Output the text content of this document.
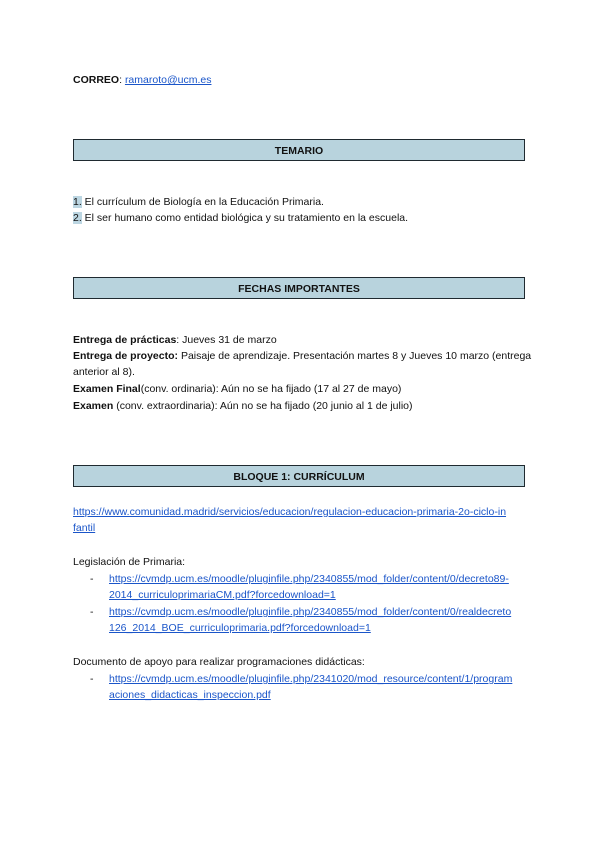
CORREO: ramaroto@ucm.es
TEMARIO
1. El currículum de Biología en la Educación Primaria.
2. El ser humano como entidad biológica y su tratamiento en la escuela.
FECHAS IMPORTANTES
Entrega de prácticas: Jueves 31 de marzo
Entrega de proyecto: Paisaje de aprendizaje. Presentación martes 8 y Jueves 10 marzo (entrega
anterior al 8).
Examen Final(conv. ordinaria): Aún no se ha fijado (17 al 27 de mayo)
Examen (conv. extraordinaria): Aún no se ha fijado (20 junio al 1 de julio)
BLOQUE 1: CURRÍCULUM
https://www.comunidad.madrid/servicios/educacion/regulacion-educacion-primaria-2o-ciclo-in
fantil
Legislación de Primaria:
- https://cvmdp.ucm.es/moodle/pluginfile.php/2340855/mod_folder/content/0/decreto89-
2014_curriculoprimariaCM.pdf?forcedownload=1
- https://cvmdp.ucm.es/moodle/pluginfile.php/2340855/mod_folder/content/0/realdecreto
126_2014_BOE_curriculoprimaria.pdf?forcedownload=1
Documento de apoyo para realizar programaciones didácticas:
- https://cvmdp.ucm.es/moodle/pluginfile.php/2341020/mod_resource/content/1/program
aciones_didacticas_inspeccion.pdf
